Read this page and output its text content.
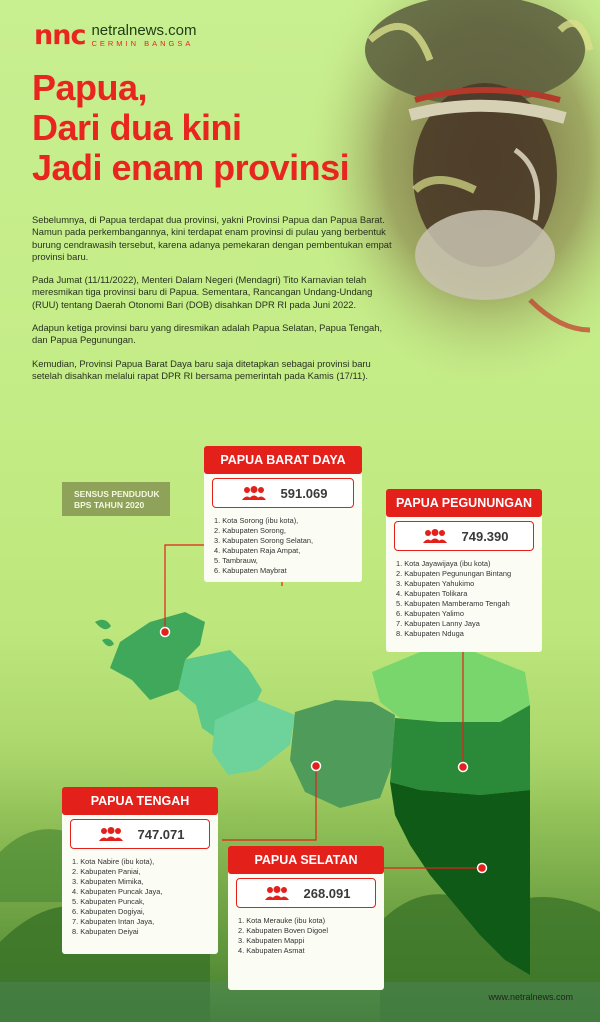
nnc netralnews.com
CERMIN BANGSA
Papua,
Dari dua kini
Jadi enam provinsi

Sebelumnya, di Papua terdapat dua provinsi, yakni Provinsi Papua dan Papua Barat. Namun pada perkembangannya, kini terdapat enam provinsi di pulau yang berbentuk burung cendrawasih tersebut, karena adanya pemekaran dengan pembentukan empat provinsi baru.

Pada Jumat (11/11/2022), Menteri Dalam Negeri (Mendagri) Tito Karnavian telah meresmikan tiga provinsi baru di Papua. Sementara, Rancangan Undang-Undang (RUU) tentang Daerah Otonomi Bari (DOB) disahkan DPR RI pada Juni 2022.

Adapun ketiga provinsi baru yang diresmikan adalah Papua Selatan, Papua Tengah, dan Papua Pegunungan.

Kemudian, Provinsi Papua Barat Daya baru saja ditetapkan sebagai provinsi baru setelah disahkan melalui rapat DPR RI bersama pemerintah pada Kamis (17/11).

SENSUS PENDUDUK
BPS TAHUN 2020
PAPUA BARAT DAYA
591.069
1. Kota Sorong (ibu kota),
2. Kabupaten Sorong,
3. Kabupaten Sorong Selatan,
4. Kabupaten Raja Ampat,
5. Tambrauw,
6. Kabupaten Maybrat
PAPUA PEGUNUNGAN
749.390
1. Kota Jayawijaya (ibu kota)
2. Kabupaten Pegunungan Bintang
3. Kabupaten Yahukimo
4. Kabupaten Tolikara
5. Kabupaten Mamberamo Tengah
6. Kabupaten Yalimo
7. Kabupaten Lanny Jaya
8. Kabupaten Nduga
PAPUA TENGAH
747.071
1. Kota Nabire (ibu kota),
2. Kabupaten Paniai,
3. Kabupaten Mimika,
4. Kabupaten Puncak Jaya,
5. Kabupaten Puncak,
6. Kabupaten Dogiyai,
7. Kabupaten Intan Jaya,
8. Kabupaten Deiyai
PAPUA SELATAN
268.091
1. Kota Merauke (ibu kota)
2. Kabupaten Boven Digoel
3. Kabupaten Mappi
4. Kabupaten Asmat
www.netralnews.com
